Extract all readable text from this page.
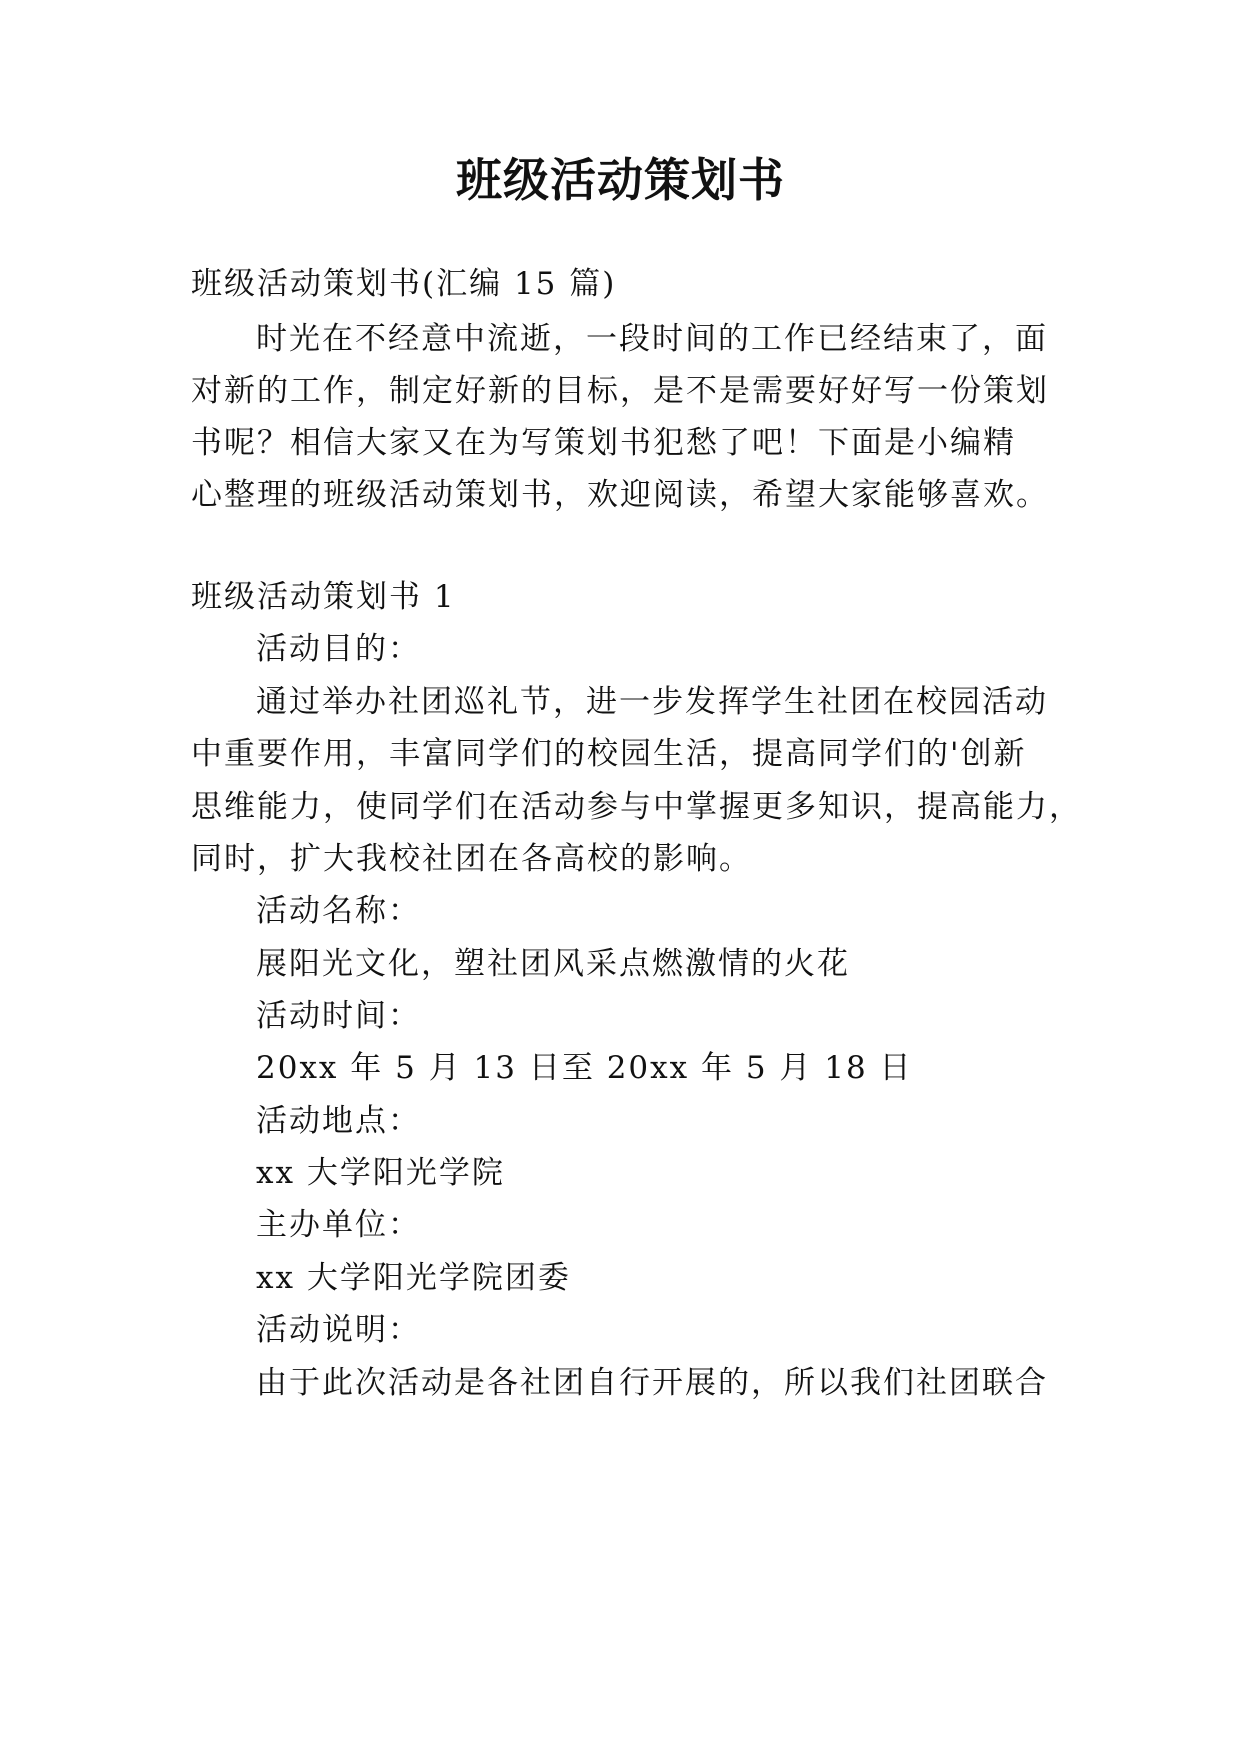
班级活动策划书
班级活动策划书(汇编 15 篇)
时光在不经意中流逝，一段时间的工作已经结束了，面
对新的工作，制定好新的目标，是不是需要好好写一份策划
书呢？相信大家又在为写策划书犯愁了吧！下面是小编精
心整理的班级活动策划书，欢迎阅读，希望大家能够喜欢。
班级活动策划书 1
活动目的：
通过举办社团巡礼节，进一步发挥学生社团在校园活动
中重要作用，丰富同学们的校园生活，提高同学们的'创新
思维能力，使同学们在活动参与中掌握更多知识，提高能力，
同时，扩大我校社团在各高校的影响。
活动名称：
展阳光文化，塑社团风采点燃激情的火花
活动时间：
20xx 年 5 月 13 日至 20xx 年 5 月 18 日
活动地点：
xx 大学阳光学院
主办单位：
xx 大学阳光学院团委
活动说明：
由于此次活动是各社团自行开展的，所以我们社团联合
